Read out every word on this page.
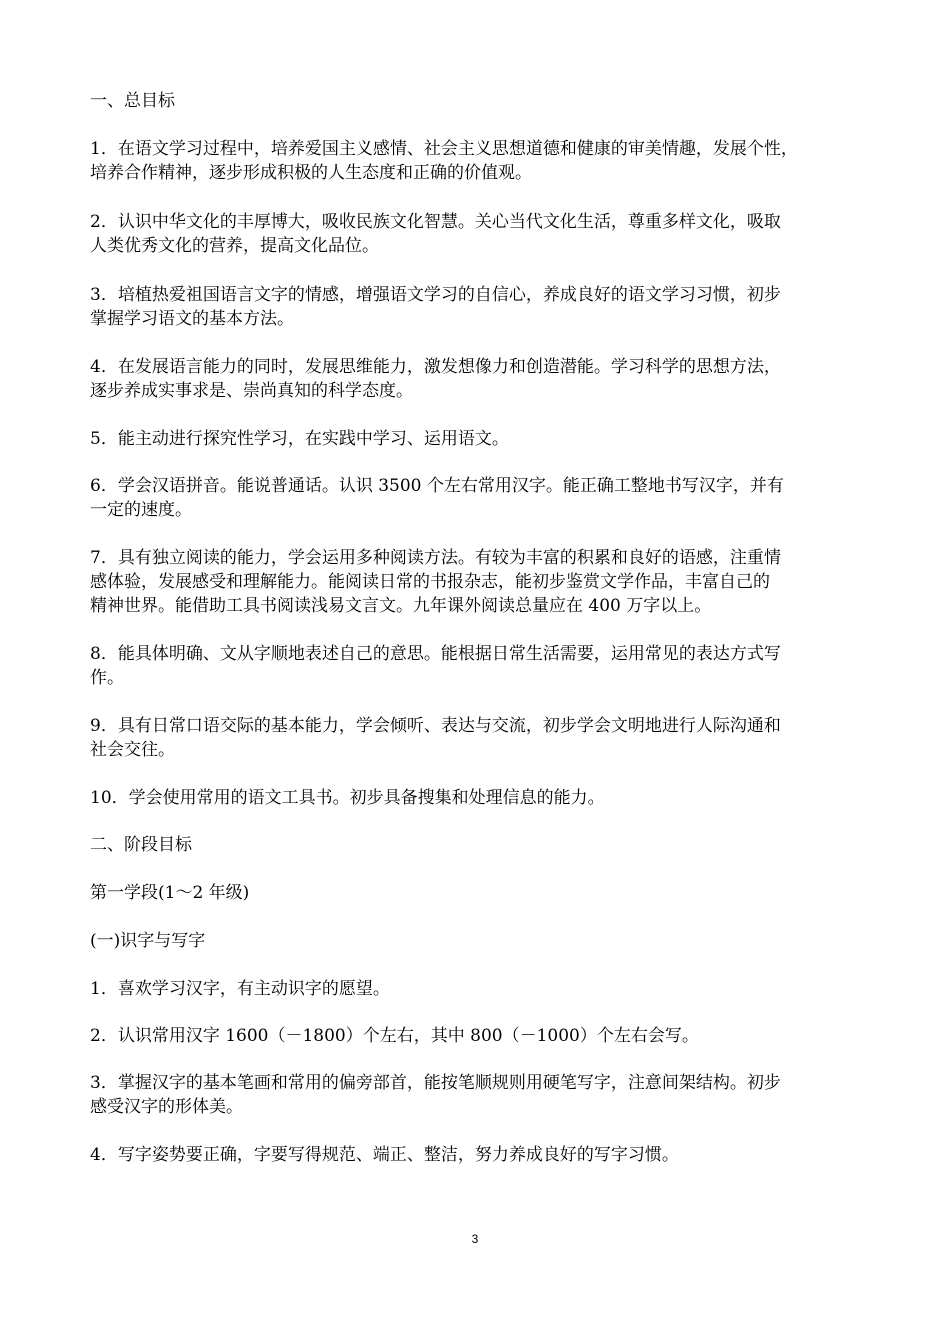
一、总目标
1．在语文学习过程中，培养爱国主义感情、社会主义思想道德和健康的审美情趣，发展个性，
培养合作精神，逐步形成积极的人生态度和正确的价值观。
2．认识中华文化的丰厚博大，吸收民族文化智慧。关心当代文化生活，尊重多样文化，吸取
人类优秀文化的营养，提高文化品位。
3．培植热爱祖国语言文字的情感，增强语文学习的自信心，养成良好的语文学习习惯，初步
掌握学习语文的基本方法。
4．在发展语言能力的同时，发展思维能力，激发想像力和创造潜能。学习科学的思想方法，
逐步养成实事求是、崇尚真知的科学态度。
5．能主动进行探究性学习，在实践中学习、运用语文。
6．学会汉语拼音。能说普通话。认识 3500 个左右常用汉字。能正确工整地书写汉字，并有
一定的速度。
7．具有独立阅读的能力，学会运用多种阅读方法。有较为丰富的积累和良好的语感，注重情
感体验，发展感受和理解能力。能阅读日常的书报杂志，能初步鉴赏文学作品，丰富自己的
精神世界。能借助工具书阅读浅易文言文。九年课外阅读总量应在 400 万字以上。
8．能具体明确、文从字顺地表述自己的意思。能根据日常生活需要，运用常见的表达方式写
作。
9．具有日常口语交际的基本能力，学会倾听、表达与交流，初步学会文明地进行人际沟通和
社会交往。
10．学会使用常用的语文工具书。初步具备搜集和处理信息的能力。
二、阶段目标
第一学段(1～2 年级)
(一)识字与写字
1．喜欢学习汉字，有主动识字的愿望。
2．认识常用汉字 1600（－1800）个左右，其中 800（－1000）个左右会写。
3．掌握汉字的基本笔画和常用的偏旁部首，能按笔顺规则用硬笔写字，注意间架结构。初步
感受汉字的形体美。
4．写字姿势要正确，字要写得规范、端正、整洁，努力养成良好的写字习惯。
3
